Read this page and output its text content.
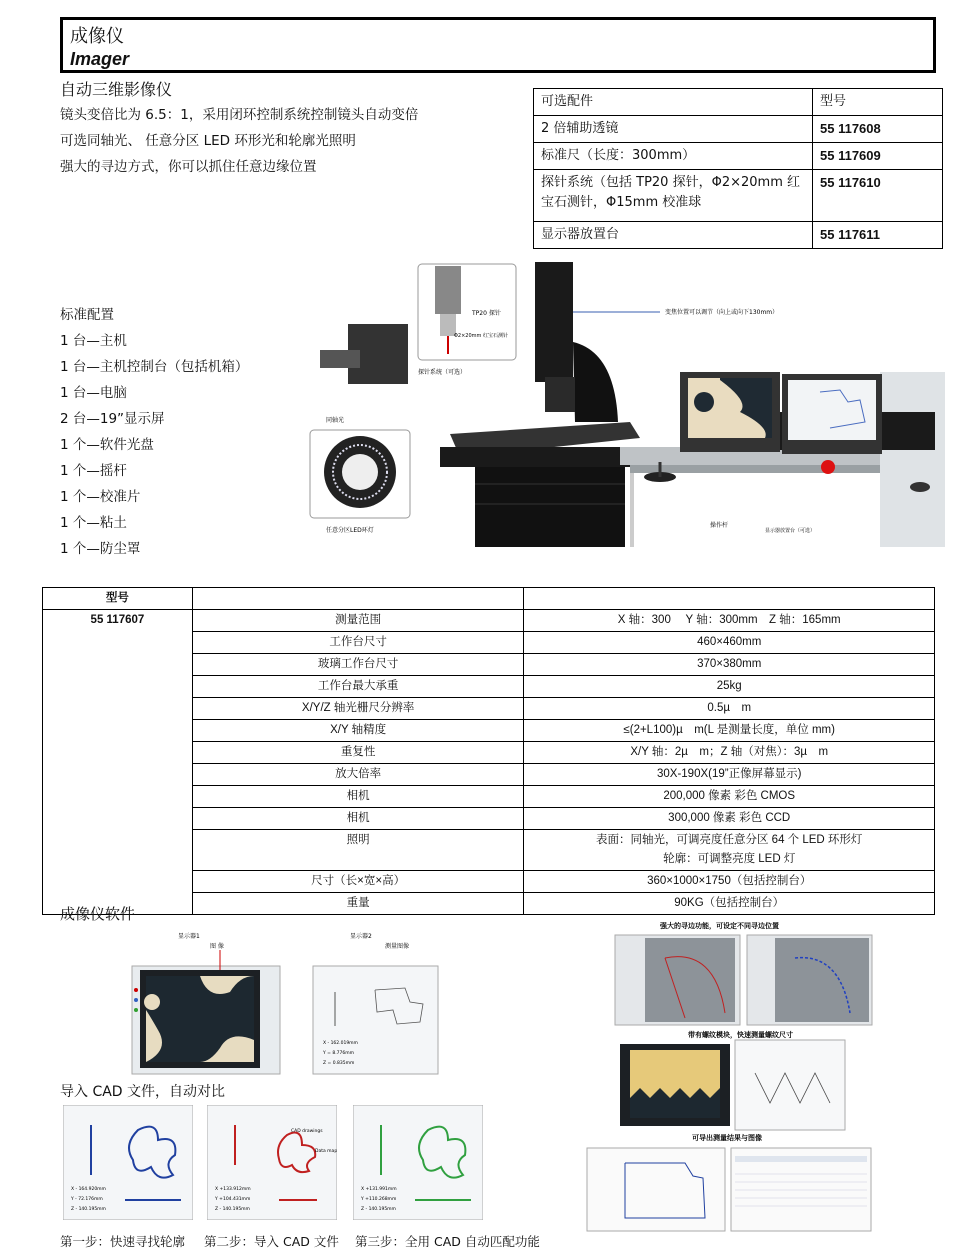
成像仪
Imager
自动三维影像仪
镜头变倍比为 6.5：1，采用闭环控制系统控制镜头自动变倍
可选同轴光、 任意分区 LED 环形光和轮廓光照明
强大的寻边方式，你可以抓住任意边缘位置
可选配件	型号
2 倍辅助透镜	55 117608
标准尺（长度：300mm）	55 117609
探针系统（包括 TP20 探针，Φ2×20mm 红宝石测针，Φ15mm 校准球	55 117610
显示器放置台	55 117611
标准配置
1 台—主机
1 台—主机控制台（包括机箱）
1 台—电脑
2 台—19”显示屏
1 个—软件光盘
1 个—摇杆
1 个—校准片
1 个—粘土
1 个—防尘罩
TP20 探针
Φ2×20mm 红宝石测针
探针系统（可选）
同轴光
任意分区LED环灯
变焦位置可以调节（向上或向下130mm）
操作杆
显示器放置台（可选）
型号		
55 117607	测量范围	X 轴：300　 Y 轴：300mm　Z 轴：165mm
	工作台尺寸	460×460mm
	玻璃工作台尺寸	370×380mm
	工作台最大承重	25kg
	X/Y/Z 轴光栅尺分辨率	0.5µ　m
	X/Y 轴精度	≤(2+L100)µ　m(L 是测量长度，单位 mm)
	重复性	X/Y 轴：2µ　m；Z 轴（对焦）：3µ　m
	放大倍率	30X-190X(19”正像屏幕显示)
	相机	200,000 像素 彩色 CMOS
	相机	300,000 像素 彩色 CCD
	照明	表面：同轴光，可调亮度任意分区 64 个 LED 环形灯
轮廓：可调整亮度 LED 灯

	尺寸（长×宽×高）	360×1000×1750（包括控制台）
	重量	90KG（包括控制台）
成像仪软件
显示器1
图 像
显示器2
测量图像
X - 162.019mm
Y = 8.776mm
Z = 0.835mm
导入 CAD 文件，自动对比
X - 164.920mm
Y - 72.176mm
Z - 140.195mm
CAD drawings
Data map
X +133.912mm
Y +104.431mm
Z - 140.195mm
X +131.991mm
Y +110.268mm
Z - 140.195mm
第一步：快速寻找轮廓 第二步：导入 CAD 文件 第三步：全用 CAD 自动匹配功能
强大的寻边功能，可设定不同寻边位置
带有螺纹模块，快速测量螺纹尺寸
可导出测量结果与图像
